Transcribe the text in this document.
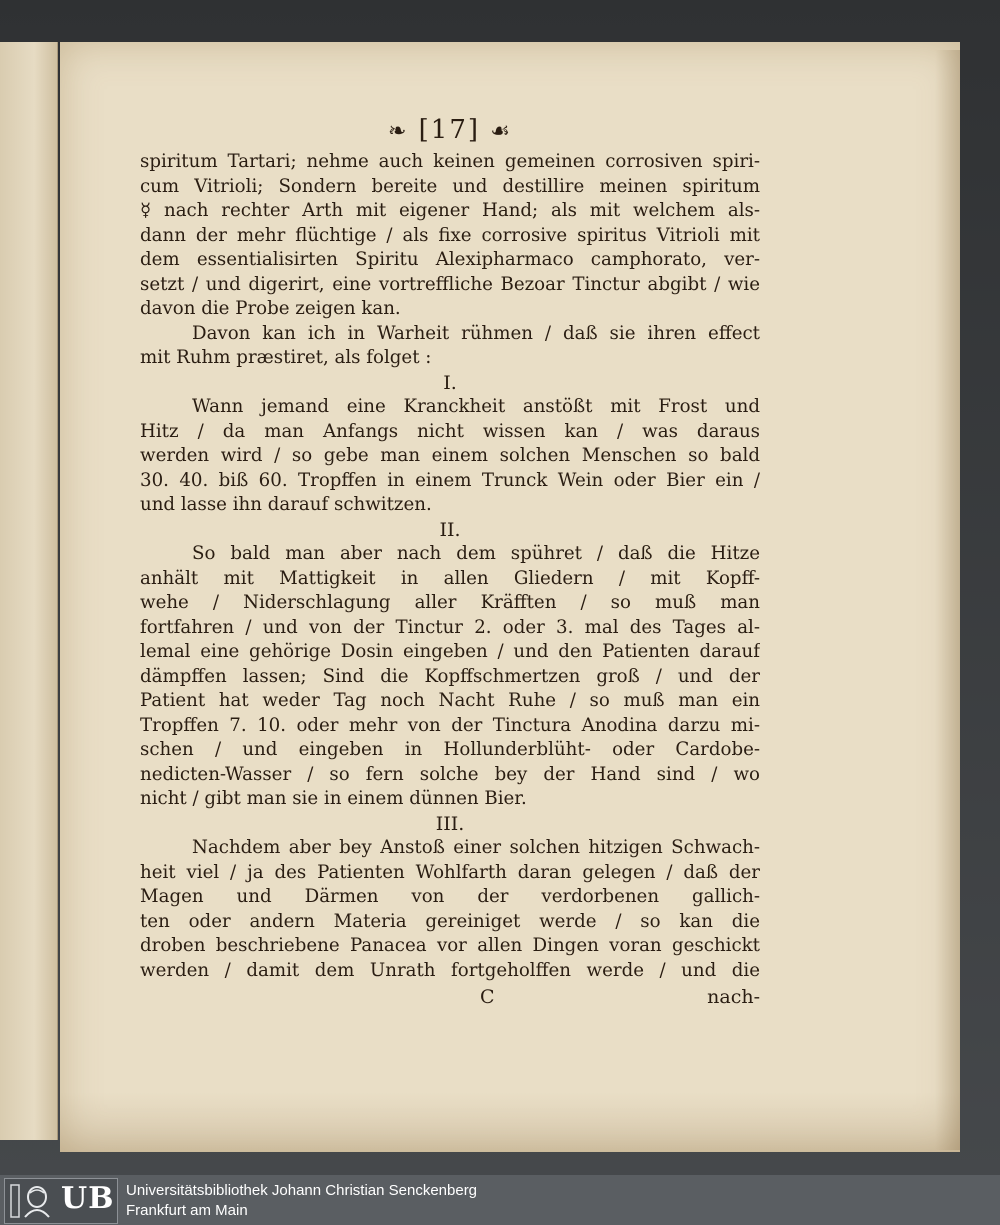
❧ [17] ☙
spiritum Tartari; nehme auch keinen gemeinen corrosiven spiri-
cum Vitrioli; Sondern bereite und destillire meinen spiritum
☿ nach rechter Arth mit eigener Hand; als mit welchem als-
dann der mehr flüchtige / als fixe corrosive spiritus Vitrioli mit
dem essentialisirten Spiritu Alexipharmaco camphorato, ver-
setzt / und digerirt, eine vortreffliche Bezoar Tinctur abgibt / wie
davon die Probe zeigen kan.
Davon kan ich in Warheit rühmen / daß sie ihren effect
mit Ruhm præstiret, als folget :
I.
Wann jemand eine Kranckheit anstößt mit Frost und
Hitz / da man Anfangs nicht wissen kan / was daraus
werden wird / so gebe man einem solchen Menschen so bald
30. 40. biß 60. Tropffen in einem Trunck Wein oder Bier ein /
und lasse ihn darauf schwitzen.
II.
So bald man aber nach dem spühret / daß die Hitze
anhält mit Mattigkeit in allen Gliedern / mit Kopff-
wehe / Niderschlagung aller Kräfften / so muß man
fortfahren / und von der Tinctur 2. oder 3. mal des Tages al-
lemal eine gehörige Dosin eingeben / und den Patienten darauf
dämpffen lassen; Sind die Kopffschmertzen groß / und der
Patient hat weder Tag noch Nacht Ruhe / so muß man ein
Tropffen 7. 10. oder mehr von der Tinctura Anodina darzu mi-
schen / und eingeben in Hollunderblüht- oder Cardobe-
nedicten-Wasser / so fern solche bey der Hand sind / wo
nicht / gibt man sie in einem dünnen Bier.
III.
Nachdem aber bey Anstoß einer solchen hitzigen Schwach-
heit viel / ja des Patienten Wohlfarth daran gelegen / daß der
Magen und Därmen von der verdorbenen gallich-
ten oder andern Materia gereiniget werde / so kan die
droben beschriebene Panacea vor allen Dingen voran geschickt
werden / damit dem Unrath fortgeholffen werde / und die
C	nach-
UB Universitätsbibliothek Johann Christian Senckenberg
Frankfurt am Main
